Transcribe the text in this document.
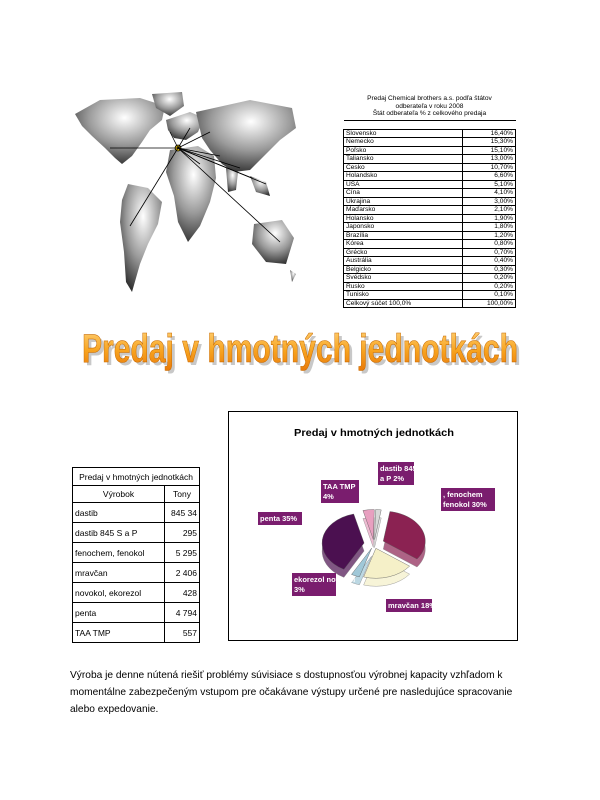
Predaj Chemical brothers a.s. podľa štátov	
odberateľa v roku 2008	
Štát odberateľa % z celkového predaja	

Slovensko	16,40%
Nemecko	15,30%
Poľsko	15,10%
Taliansko	13,00%
Česko	10,70%
Holandsko	6,60%
USA	5,10%
Čína	4,10%
Ukrajina	3,00%
Maďarsko	2,10%
Holansko	1,90%
Japonsko	1,80%
Brazília	1,20%
Kórea	0,80%
Grécko	0,70%
Austrália	0,40%
Belgicko	0,30%
Švédsko	0,20%
Rusko	0,20%
Tunisko	0,10%
Celkový súčet 100,0%	100,00%
Predaj v hmotných jednotkách
Predaj v hmotných jednotkách
Predaj v hmotných jednotkách	
Výrobok	Tony
dastib	845 34
dastib 845 S a P	295
fenochem, fenokol	5 295
mravčan	2 406
novokol, ekorezol	428
penta	4 794
TAA TMP	557
Predaj v hmotných jednotkách
TAA TMP 4%
dastib 845 S a P 2%
, fenochem fenokol 30%
mravčan 18%
ekorezol novokol 3%
penta 35%

Výroba je denne nútená riešiť problémy súvisiace s dostupnosťou výrobnej kapacity vzhľadom k momentálne zabezpečeným vstupom pre očakávane výstupy určené pre nasledujúce spracovanie alebo expedovanie.
